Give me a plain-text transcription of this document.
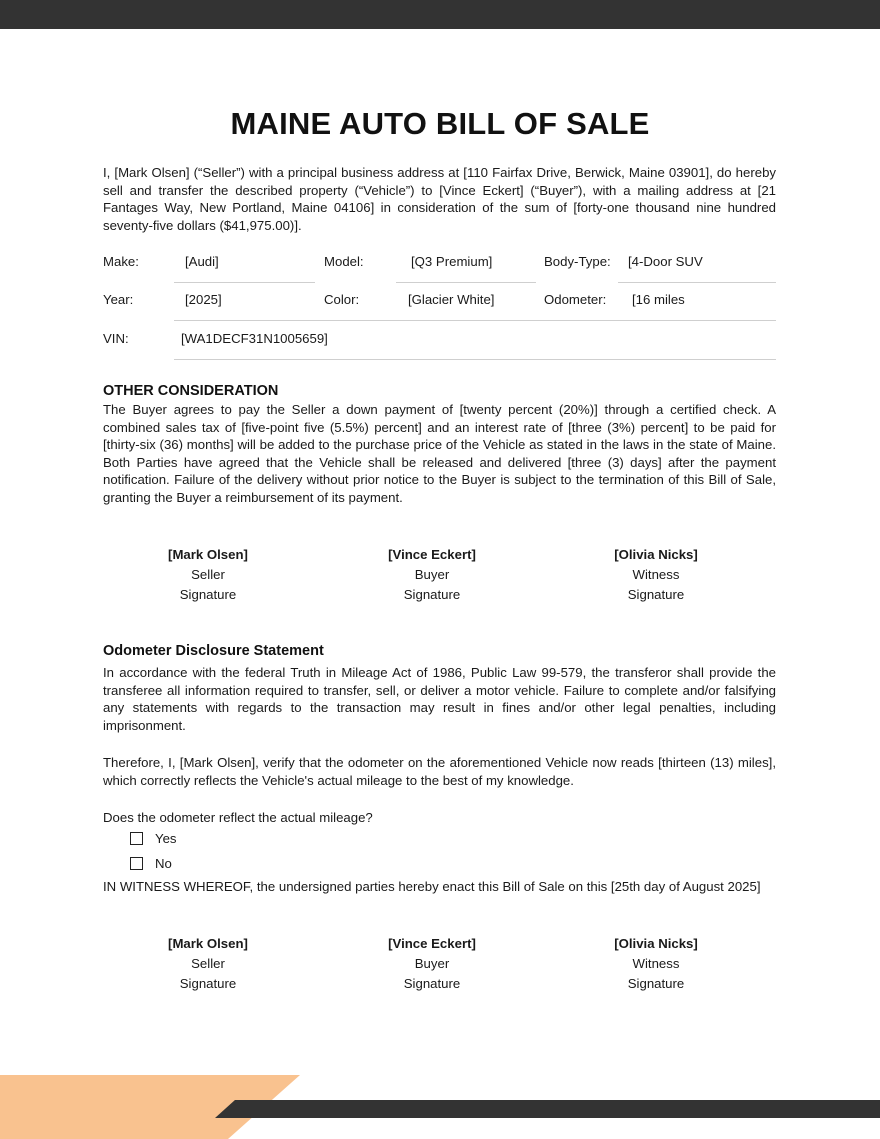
MAINE AUTO BILL OF SALE

I, [Mark Olsen] (“Seller”) with a principal business address at [110 Fairfax Drive, Berwick, Maine 03901], do hereby sell and transfer the described property (“Vehicle”) to [Vince Eckert] (“Buyer”), with a mailing address at [21 Fantages Way, New Portland, Maine 04106] in consideration of the sum of [forty-one thousand nine hundred seventy-five dollars ($41,975.00)].

Make:	[Audi]	Model:	[Q3 Premium]	Body-Type: [4-Door SUV
Year:	[2025]	Color:	[Glacier White]	Odometer: [16 miles
VIN:	[WA1DECF31N1005659]
OTHER CONSIDERATION

The Buyer agrees to pay the Seller a down payment of [twenty percent (20%)] through a certified check. A combined sales tax of [five-point five (5.5%) percent] and an interest rate of [three (3%) percent] to be paid for [thirty-six (36) months] will be added to the purchase price of the Vehicle as stated in the laws in the state of Maine. Both Parties have agreed that the Vehicle shall be released and delivered [three (3) days] after the payment notification. Failure of the delivery without prior notice to the Buyer is subject to the termination of this Bill of Sale, granting the Buyer a reimbursement of its payment.

[Mark Olsen]
Seller
Signature
[Vince Eckert]
Buyer
Signature
[Olivia Nicks]
Witness
Signature
Odometer Disclosure Statement

In accordance with the federal Truth in Mileage Act of 1986, Public Law 99-579, the transferor shall provide the transferee all information required to transfer, sell, or deliver a motor vehicle. Failure to complete and/or falsifying any statements with regards to the transaction may result in fines and/or other legal penalties, including imprisonment.

Therefore, I, [Mark Olsen], verify that the odometer on the aforementioned Vehicle now reads [thirteen (13) miles], which correctly reflects the Vehicle's actual mileage to the best of my knowledge.

Does the odometer reflect the actual mileage?

Yes
No

IN WITNESS WHEREOF, the undersigned parties hereby enact this Bill of Sale on this [25th day of August 2025]

[Mark Olsen]
Seller
Signature
[Vince Eckert]
Buyer
Signature
[Olivia Nicks]
Witness
Signature
